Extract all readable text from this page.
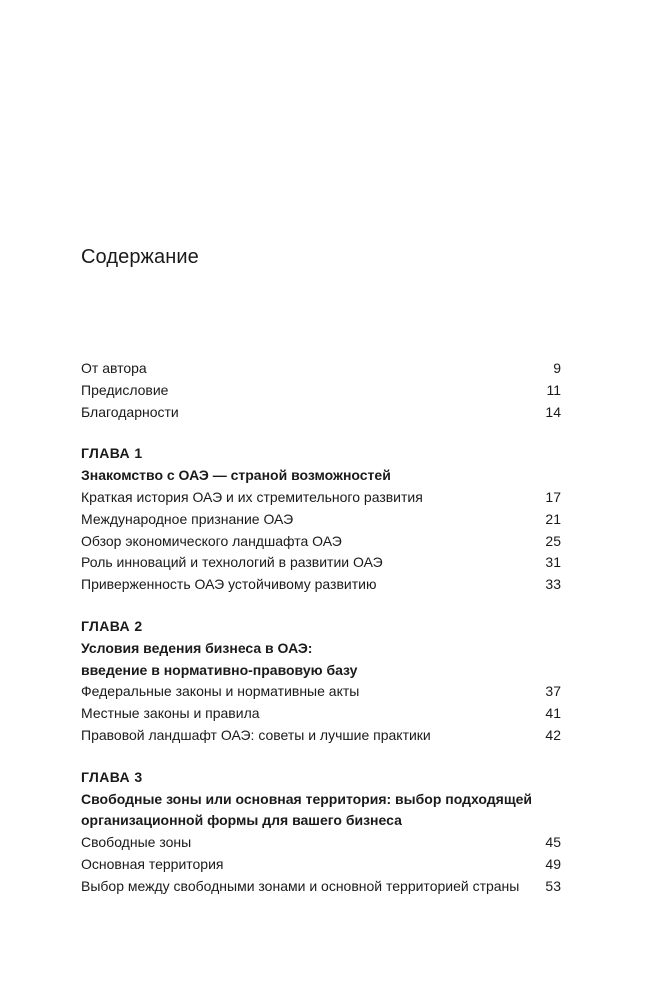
Содержание
От автора	9
Предисловие	11
Благодарности	14
ГЛАВА 1
Знакомство с ОАЭ — страной возможностей
Краткая история ОАЭ и их стремительного развития	17
Международное признание ОАЭ	21
Обзор экономического ландшафта ОАЭ	25
Роль инноваций и технологий в развитии ОАЭ	31
Приверженность ОАЭ устойчивому развитию	33
ГЛАВА 2
Условия ведения бизнеса в ОАЭ:
введение в нормативно-правовую базу
Федеральные законы и нормативные акты	37
Местные законы и правила	41
Правовой ландшафт ОАЭ: советы и лучшие практики	42
ГЛАВА 3
Свободные зоны или основная территория: выбор подходящей
организационной формы для вашего бизнеса
Свободные зоны	45
Основная территория	49
Выбор между свободными зонами и основной территорией страны	53
